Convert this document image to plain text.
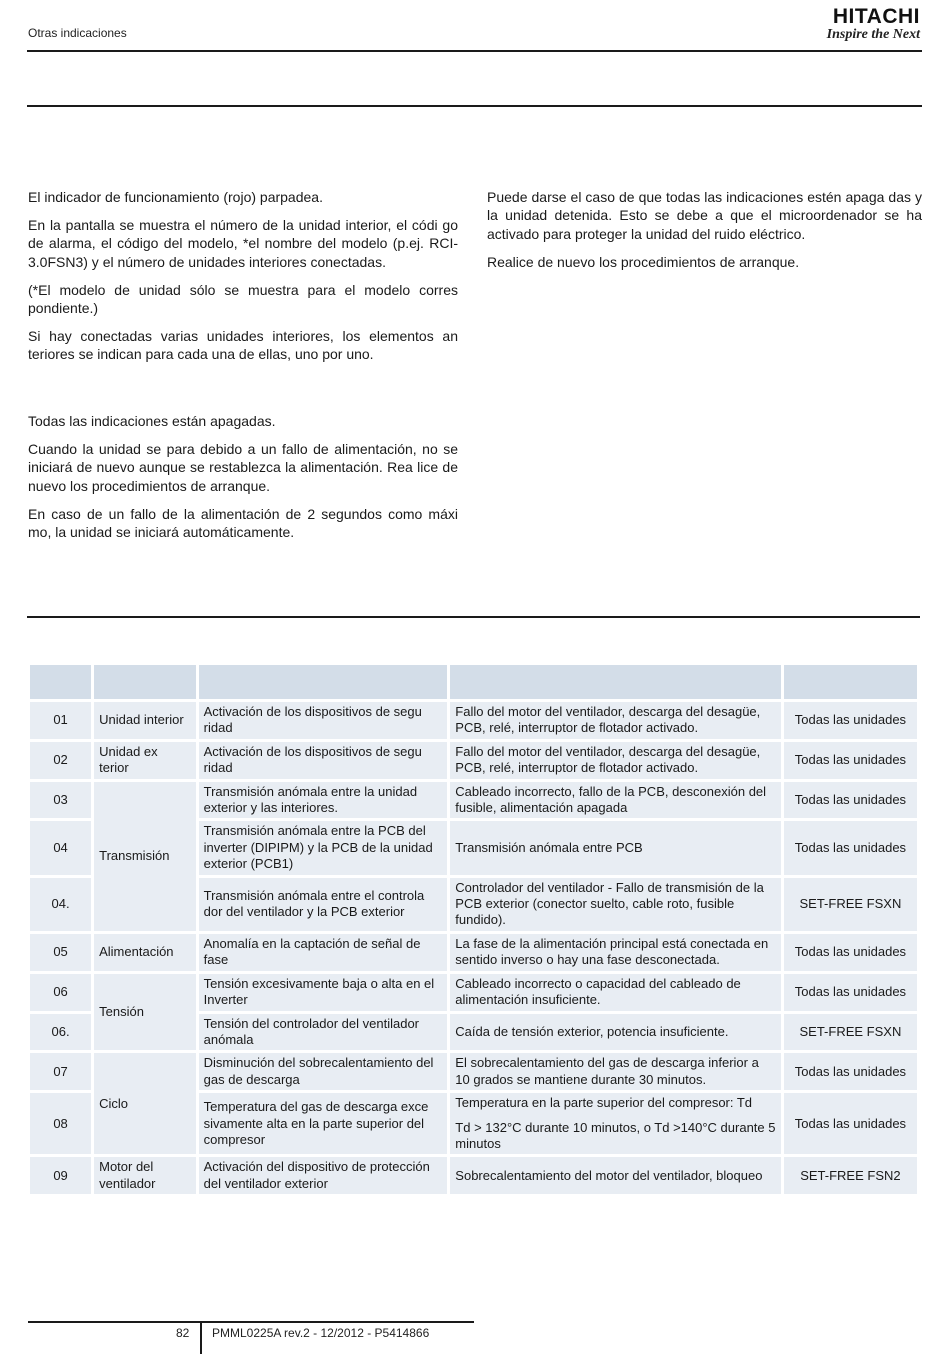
Otras indicaciones
HITACHI
Inspire the Next

El indicador de funcionamiento (rojo) parpadea.

En la pantalla se muestra el número de la unidad interior, el códi go de alarma, el código del modelo, *el nombre del modelo (p.ej. RCI-3.0FSN3) y el número de unidades interiores conectadas.

(*El modelo de unidad sólo se muestra para el modelo corres pondiente.)

Si hay conectadas varias unidades interiores, los elementos an teriores se indican para cada una de ellas, uno por uno.

Todas las indicaciones están apagadas.

Cuando la unidad se para debido a un fallo de alimentación, no se iniciará de nuevo aunque se restablezca la alimentación. Rea lice de nuevo los procedimientos de arranque.

En caso de un fallo de la alimentación de 2 segundos como máxi mo, la unidad se iniciará automáticamente.

Puede darse el caso de que todas las indicaciones estén apaga das y la unidad detenida. Esto se debe a que el microordenador se ha activado para proteger la unidad del ruido eléctrico.

Realice de nuevo los procedimientos de arranque.

01	Unidad interior	Activación de los dispositivos de segu ridad	Fallo del motor del ventilador, descarga del desagüe, PCB, relé, interruptor de flotador activado.	Todas las unidades
02	Unidad ex terior	Activación de los dispositivos de segu ridad	Fallo del motor del ventilador, descarga del desagüe, PCB, relé, interruptor de flotador activado.	Todas las unidades
03	Transmisión	Transmisión anómala entre la unidad exterior y las interiores.	Cableado incorrecto, fallo de la PCB, desconexión del fusible, alimentación apagada	Todas las unidades
04		Transmisión anómala entre la PCB del inverter (DIPIPM) y la PCB de la unidad exterior (PCB1)	Transmisión anómala entre PCB	Todas las unidades
04.		Transmisión anómala entre el controla dor del ventilador y la PCB exterior	Controlador del ventilador - Fallo de transmisión de la PCB exterior (conector suelto, cable roto, fusible fundido).	SET-FREE FSXN
05	Alimentación	Anomalía en la captación de señal de fase	La fase de la alimentación principal está conectada en sentido inverso o hay una fase desconectada.	Todas las unidades
06	Tensión	Tensión excesivamente baja o alta en el Inverter	Cableado incorrecto o capacidad del cableado de alimentación insuficiente.	Todas las unidades
06.		Tensión del controlador del ventilador anómala	Caída de tensión exterior, potencia insuficiente.	SET-FREE FSXN
07	Ciclo	Disminución del sobrecalentamiento del gas de descarga	El sobrecalentamiento del gas de descarga inferior a 10 grados se mantiene durante 30 minutos.	Todas las unidades
08		Temperatura del gas de descarga exce sivamente alta en la parte superior del compresor	Temperatura en la parte superior del compresor: Td

Td > 132°C durante 10 minutos, o Td >140°C durante 5 minutos	Todas las unidades
09	Motor del ventilador	Activación del dispositivo de protección del ventilador exterior	Sobrecalentamiento del motor del ventilador, bloqueo	SET-FREE FSN2
82 PMML0225A rev.2 - 12/2012 - P5414866
